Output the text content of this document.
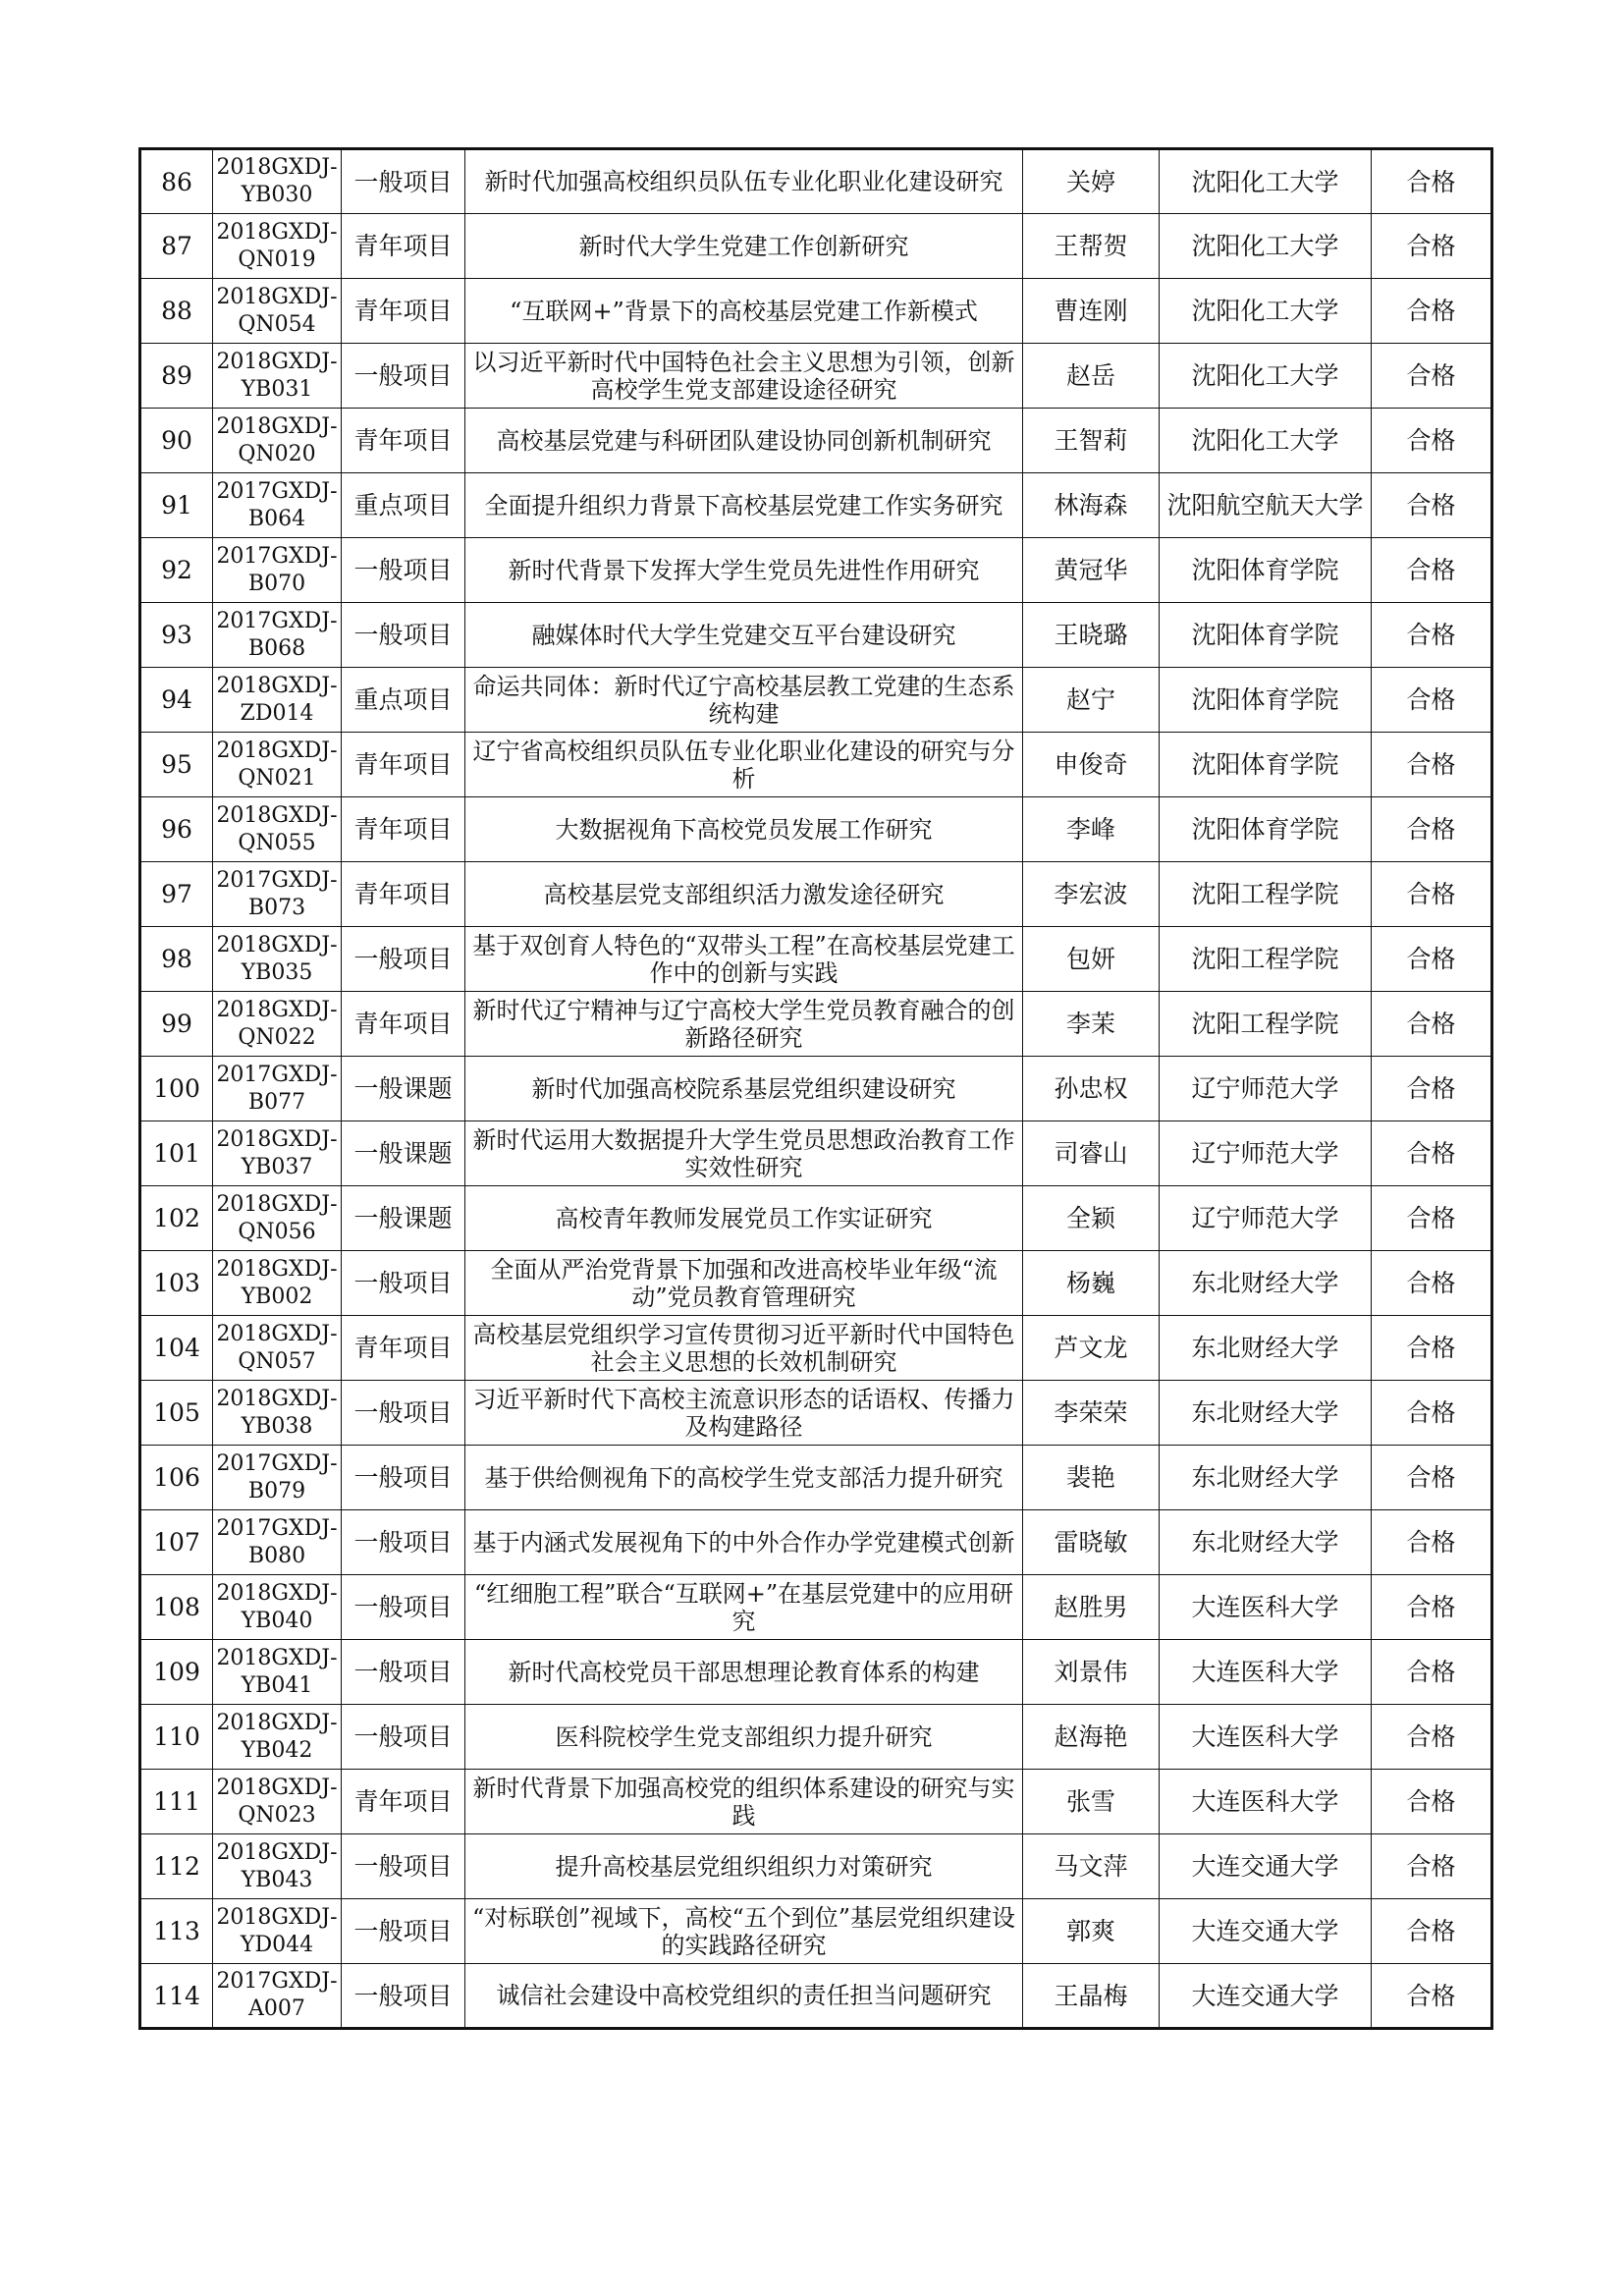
86	2018GXDJ-YB030	一般项目	新时代加强高校组织员队伍专业化职业化建设研究	关婷	沈阳化工大学	合格
87	2018GXDJ-QN019	青年项目	新时代大学生党建工作创新研究	王帮贺	沈阳化工大学	合格
88	2018GXDJ-QN054	青年项目	“互联网+”背景下的高校基层党建工作新模式	曹连刚	沈阳化工大学	合格
89	2018GXDJ-YB031	一般项目	以习近平新时代中国特色社会主义思想为引领，创新高校学生党支部建设途径研究	赵岳	沈阳化工大学	合格
90	2018GXDJ-QN020	青年项目	高校基层党建与科研团队建设协同创新机制研究	王智莉	沈阳化工大学	合格
91	2017GXDJ-B064	重点项目	全面提升组织力背景下高校基层党建工作实务研究	林海森	沈阳航空航天大学	合格
92	2017GXDJ-B070	一般项目	新时代背景下发挥大学生党员先进性作用研究	黄冠华	沈阳体育学院	合格
93	2017GXDJ-B068	一般项目	融媒体时代大学生党建交互平台建设研究	王晓璐	沈阳体育学院	合格
94	2018GXDJ-ZD014	重点项目	命运共同体：新时代辽宁高校基层教工党建的生态系统构建	赵宁	沈阳体育学院	合格
95	2018GXDJ-QN021	青年项目	辽宁省高校组织员队伍专业化职业化建设的研究与分析	申俊奇	沈阳体育学院	合格
96	2018GXDJ-QN055	青年项目	大数据视角下高校党员发展工作研究	李峰	沈阳体育学院	合格
97	2017GXDJ-B073	青年项目	高校基层党支部组织活力激发途径研究	李宏波	沈阳工程学院	合格
98	2018GXDJ-YB035	一般项目	基于双创育人特色的“双带头工程”在高校基层党建工作中的创新与实践	包妍	沈阳工程学院	合格
99	2018GXDJ-QN022	青年项目	新时代辽宁精神与辽宁高校大学生党员教育融合的创新路径研究	李茉	沈阳工程学院	合格
100	2017GXDJ-B077	一般课题	新时代加强高校院系基层党组织建设研究	孙忠权	辽宁师范大学	合格
101	2018GXDJ-YB037	一般课题	新时代运用大数据提升大学生党员思想政治教育工作实效性研究	司睿山	辽宁师范大学	合格
102	2018GXDJ-QN056	一般课题	高校青年教师发展党员工作实证研究	全颖	辽宁师范大学	合格
103	2018GXDJ-YB002	一般项目	全面从严治党背景下加强和改进高校毕业年级“流动”党员教育管理研究	杨巍	东北财经大学	合格
104	2018GXDJ-QN057	青年项目	高校基层党组织学习宣传贯彻习近平新时代中国特色社会主义思想的长效机制研究	芦文龙	东北财经大学	合格
105	2018GXDJ-YB038	一般项目	习近平新时代下高校主流意识形态的话语权、传播力及构建路径	李荣荣	东北财经大学	合格
106	2017GXDJ-B079	一般项目	基于供给侧视角下的高校学生党支部活力提升研究	裴艳	东北财经大学	合格
107	2017GXDJ-B080	一般项目	基于内涵式发展视角下的中外合作办学党建模式创新	雷晓敏	东北财经大学	合格
108	2018GXDJ-YB040	一般项目	“红细胞工程”联合“互联网+”在基层党建中的应用研究	赵胜男	大连医科大学	合格
109	2018GXDJ-YB041	一般项目	新时代高校党员干部思想理论教育体系的构建	刘景伟	大连医科大学	合格
110	2018GXDJ-YB042	一般项目	医科院校学生党支部组织力提升研究	赵海艳	大连医科大学	合格
111	2018GXDJ-QN023	青年项目	新时代背景下加强高校党的组织体系建设的研究与实践	张雪	大连医科大学	合格
112	2018GXDJ-YB043	一般项目	提升高校基层党组织组织力对策研究	马文萍	大连交通大学	合格
113	2018GXDJ-YD044	一般项目	“对标联创”视域下，高校“五个到位”基层党组织建设的实践路径研究	郭爽	大连交通大学	合格
114	2017GXDJ-A007	一般项目	诚信社会建设中高校党组织的责任担当问题研究	王晶梅	大连交通大学	合格
